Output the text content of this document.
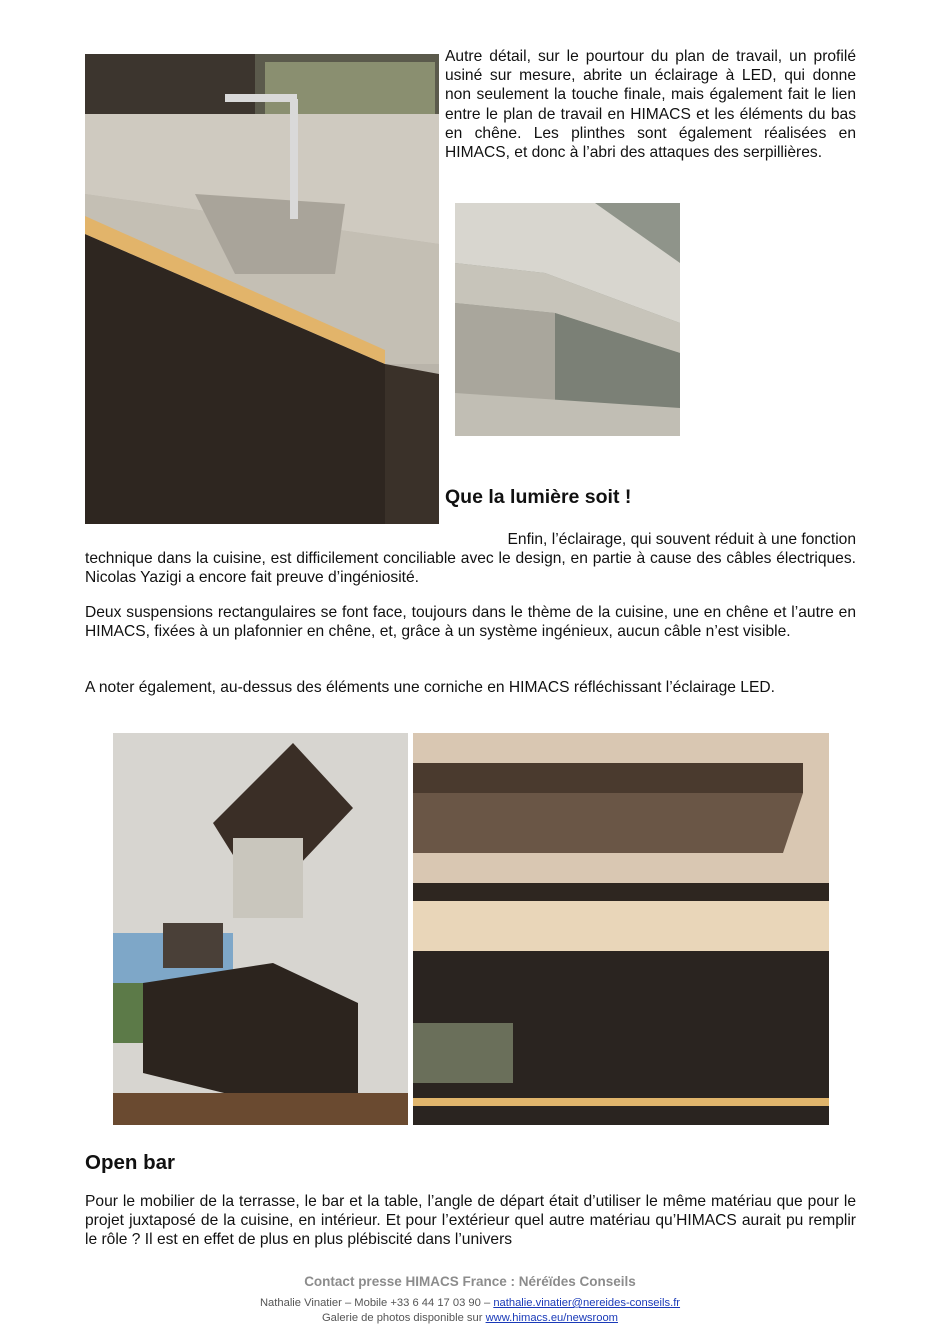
Autre détail, sur le pourtour du plan de travail, un profilé usiné sur mesure, abrite un éclairage à LED, qui donne non seulement la touche finale, mais également fait le lien entre le plan de travail en HIMACS et les éléments du bas en chêne. Les plinthes sont également réalisées en HIMACS, et donc à l’abri des attaques des serpillières.

Que la lumière soit !

Enfin, l’éclairage, qui souvent réduit à une fonction

technique dans la cuisine, est difficilement conciliable avec le design, en partie à cause des câbles électriques. Nicolas Yazigi a encore fait preuve d’ingéniosité.

Deux suspensions rectangulaires se font face, toujours dans le thème de la cuisine, une en chêne et l’autre en HIMACS, fixées à un plafonnier en chêne, et, grâce à un système ingénieux, aucun câble n’est visible.

A noter également, au-dessus des éléments une corniche en HIMACS réfléchissant l’éclairage LED.

Open bar

Pour le mobilier de la terrasse, le bar et la table, l’angle de départ était d’utiliser le même matériau que pour le projet juxtaposé de la cuisine, en intérieur. Et pour l’extérieur quel autre matériau qu’HIMACS aurait pu remplir le rôle ? Il est en effet de plus en plus plébiscité dans l’univers

Contact presse HIMACS France : Néréïdes Conseils
Nathalie Vinatier – Mobile +33 6 44 17 03 90 – nathalie.vinatier@nereides-conseils.fr
Galerie de photos disponible sur www.himacs.eu/newsroom
